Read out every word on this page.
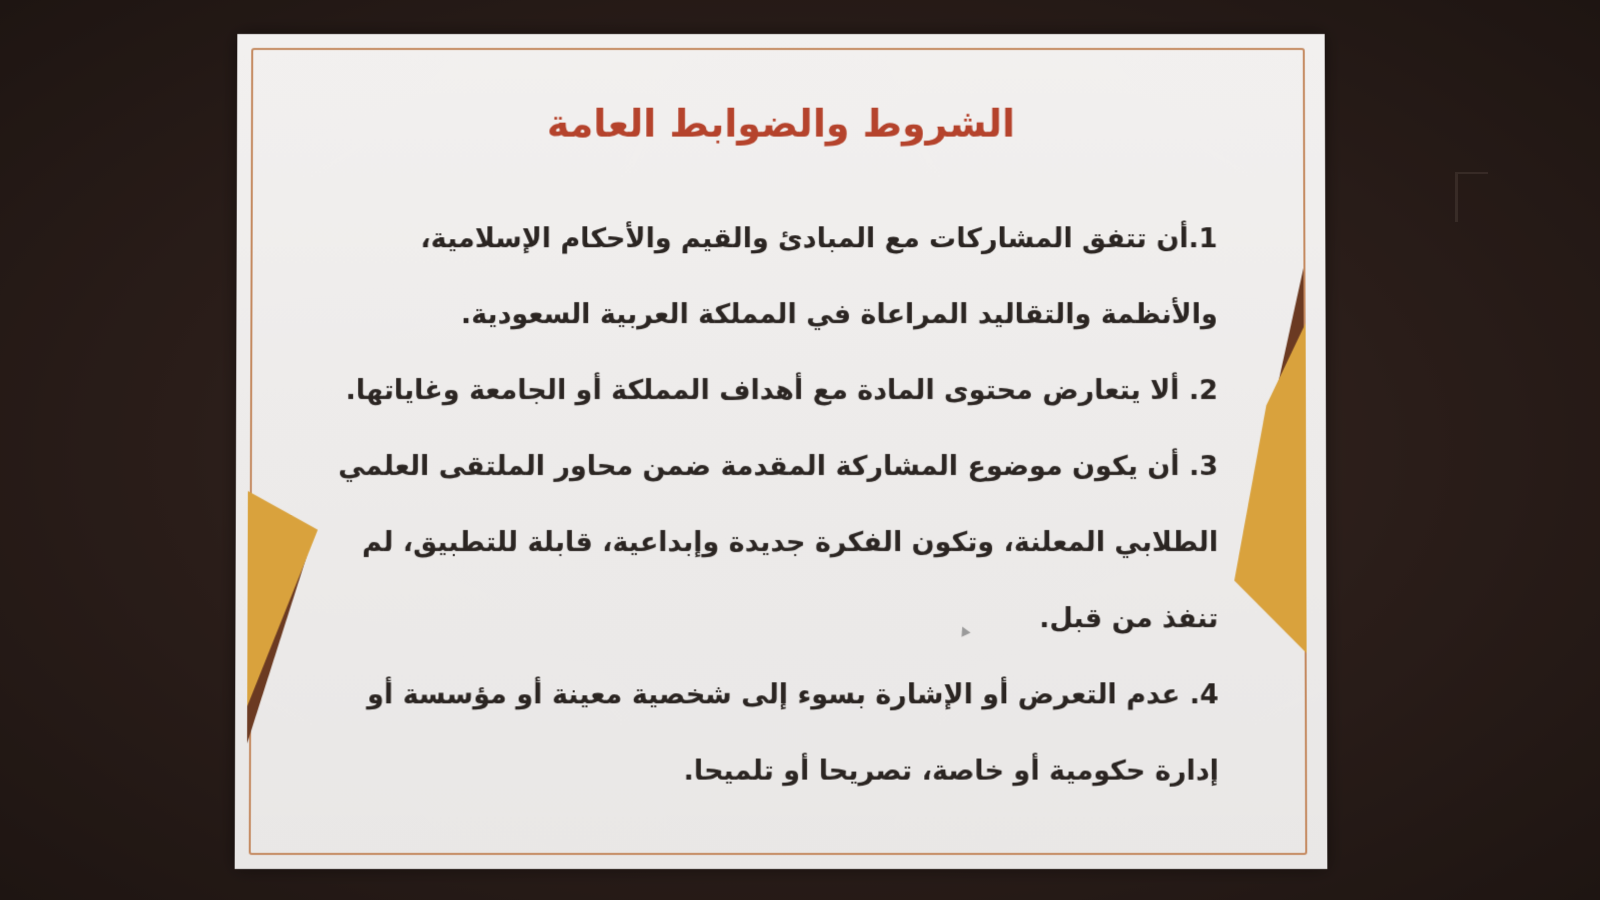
الشروط والضوابط العامة
1.أن تتفق المشاركات مع المبادئ والقيم والأحكام الإسلامية، والأنظمة والتقاليد المراعاة في المملكة العربية السعودية.
2. ألا يتعارض محتوى المادة مع أهداف المملكة أو الجامعة وغاياتها.
3. أن يكون موضوع المشاركة المقدمة ضمن محاور الملتقى العلمي الطلابي المعلنة، وتكون الفكرة جديدة وإبداعية، قابلة للتطبيق، لم تنفذ من قبل.
4. عدم التعرض أو الإشارة بسوء إلى شخصية معينة أو مؤسسة أو إدارة حكومية أو خاصة، تصريحا أو تلميحا.
